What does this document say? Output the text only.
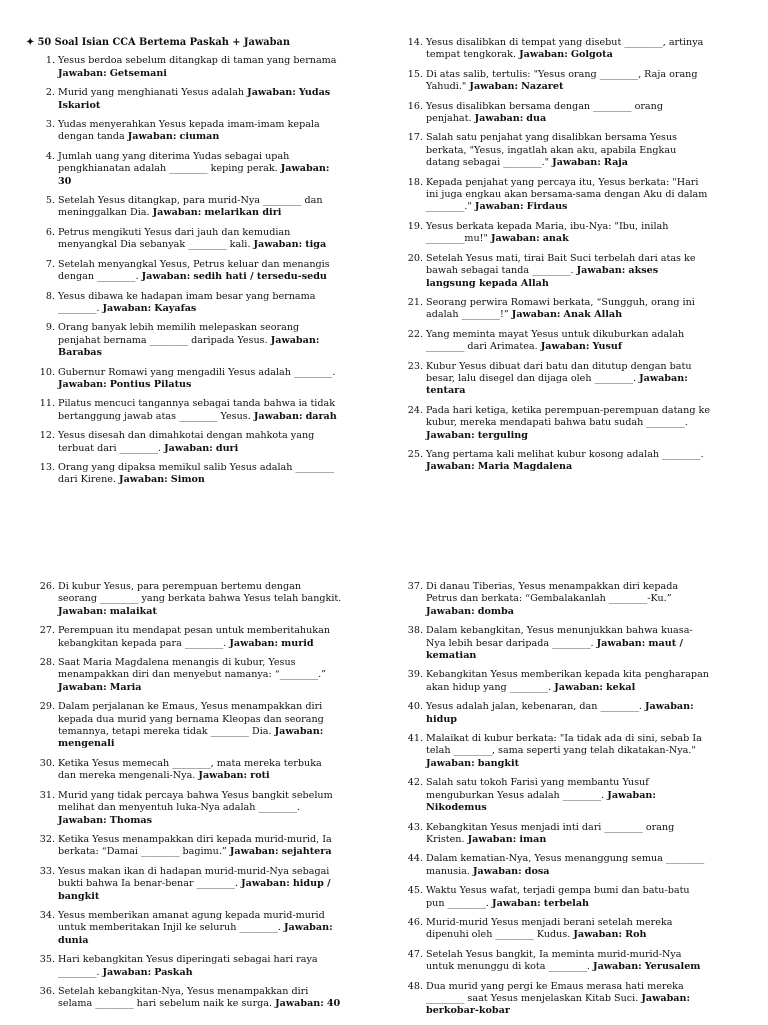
✦ 50 Soal Isian CCA Bertema Paskah + Jawaban
1. Yesus berdoa sebelum ditangkap di taman yang bernama Jawaban: Getsemani
2. Murid yang menghianati Yesus adalah Jawaban: Yudas Iskariot
3. Yudas menyerahkan Yesus kepada imam-imam kepala dengan tanda Jawaban: ciuman
4. Jumlah uang yang diterima Yudas sebagai upah pengkhianatan adalah ________ keping perak. Jawaban: 30
5. Setelah Yesus ditangkap, para murid-Nya ________ dan meninggalkan Dia. Jawaban: melarikan diri
6. Petrus mengikuti Yesus dari jauh dan kemudian menyangkal Dia sebanyak ________ kali. Jawaban: tiga
7. Setelah menyangkal Yesus, Petrus keluar dan menangis dengan ________. Jawaban: sedih hati / tersedu-sedu
8. Yesus dibawa ke hadapan imam besar yang bernama ________. Jawaban: Kayafas
9. Orang banyak lebih memilih melepaskan seorang penjahat bernama ________ daripada Yesus. Jawaban: Barabas
10. Gubernur Romawi yang mengadili Yesus adalah ________. Jawaban: Pontius Pilatus
11. Pilatus mencuci tangannya sebagai tanda bahwa ia tidak bertanggung jawab atas ________ Yesus. Jawaban: darah
12. Yesus disesah dan dimahkotai dengan mahkota yang terbuat dari ________. Jawaban: duri
13. Orang yang dipaksa memikul salib Yesus adalah ________ dari Kirene. Jawaban: Simon
14. Yesus disalibkan di tempat yang disebut ________, artinya tempat tengkorak. Jawaban: Golgota
15. Di atas salib, tertulis: "Yesus orang ________, Raja orang Yahudi." Jawaban: Nazaret
16. Yesus disalibkan bersama dengan ________ orang penjahat. Jawaban: dua
17. Salah satu penjahat yang disalibkan bersama Yesus berkata, "Yesus, ingatlah akan aku, apabila Engkau datang sebagai ________." Jawaban: Raja
18. Kepada penjahat yang percaya itu, Yesus berkata: "Hari ini juga engkau akan bersama-sama dengan Aku di dalam ________." Jawaban: Firdaus
19. Yesus berkata kepada Maria, ibu-Nya: "Ibu, inilah ________mu!" Jawaban: anak
20. Setelah Yesus mati, tirai Bait Suci terbelah dari atas ke bawah sebagai tanda ________. Jawaban: akses langsung kepada Allah
21. Seorang perwira Romawi berkata, “Sungguh, orang ini adalah ________!” Jawaban: Anak Allah
22. Yang meminta mayat Yesus untuk dikuburkan adalah ________ dari Arimatea. Jawaban: Yusuf
23. Kubur Yesus dibuat dari batu dan ditutup dengan batu besar, lalu disegel dan dijaga oleh ________. Jawaban: tentara
24. Pada hari ketiga, ketika perempuan-perempuan datang ke kubur, mereka mendapati bahwa batu sudah ________. Jawaban: terguling
25. Yang pertama kali melihat kubur kosong adalah ________. Jawaban: Maria Magdalena
26. Di kubur Yesus, para perempuan bertemu dengan seorang ________ yang berkata bahwa Yesus telah bangkit. Jawaban: malaikat
27. Perempuan itu mendapat pesan untuk memberitahukan kebangkitan kepada para ________. Jawaban: murid
28. Saat Maria Magdalena menangis di kubur, Yesus menampakkan diri dan menyebut namanya: “________.” Jawaban: Maria
29. Dalam perjalanan ke Emaus, Yesus menampakkan diri kepada dua murid yang bernama Kleopas dan seorang temannya, tetapi mereka tidak ________ Dia. Jawaban: mengenali
30. Ketika Yesus memecah ________, mata mereka terbuka dan mereka mengenali-Nya. Jawaban: roti
31. Murid yang tidak percaya bahwa Yesus bangkit sebelum melihat dan menyentuh luka-Nya adalah ________. Jawaban: Thomas
32. Ketika Yesus menampakkan diri kepada murid-murid, Ia berkata: “Damai ________ bagimu.” Jawaban: sejahtera
33. Yesus makan ikan di hadapan murid-murid-Nya sebagai bukti bahwa Ia benar-benar ________. Jawaban: hidup / bangkit
34. Yesus memberikan amanat agung kepada murid-murid untuk memberitakan Injil ke seluruh ________. Jawaban: dunia
35. Hari kebangkitan Yesus diperingati sebagai hari raya ________. Jawaban: Paskah
36. Setelah kebangkitan-Nya, Yesus menampakkan diri selama ________ hari sebelum naik ke surga. Jawaban: 40
37. Di danau Tiberias, Yesus menampakkan diri kepada Petrus dan berkata: “Gembalakanlah ________-Ku.” Jawaban: domba
38. Dalam kebangkitan, Yesus menunjukkan bahwa kuasa-Nya lebih besar daripada ________. Jawaban: maut / kematian
39. Kebangkitan Yesus memberikan kepada kita pengharapan akan hidup yang ________. Jawaban: kekal
40. Yesus adalah jalan, kebenaran, dan ________. Jawaban: hidup
41. Malaikat di kubur berkata: "Ia tidak ada di sini, sebab Ia telah ________, sama seperti yang telah dikatakan-Nya." Jawaban: bangkit
42. Salah satu tokoh Farisi yang membantu Yusuf menguburkan Yesus adalah ________. Jawaban: Nikodemus
43. Kebangkitan Yesus menjadi inti dari ________ orang Kristen. Jawaban: iman
44. Dalam kematian-Nya, Yesus menanggung semua ________ manusia. Jawaban: dosa
45. Waktu Yesus wafat, terjadi gempa bumi dan batu-batu pun ________. Jawaban: terbelah
46. Murid-murid Yesus menjadi berani setelah mereka dipenuhi oleh ________ Kudus. Jawaban: Roh
47. Setelah Yesus bangkit, Ia meminta murid-murid-Nya untuk menunggu di kota ________. Jawaban: Yerusalem
48. Dua murid yang pergi ke Emaus merasa hati mereka ________ saat Yesus menjelaskan Kitab Suci. Jawaban: berkobar-kobar
